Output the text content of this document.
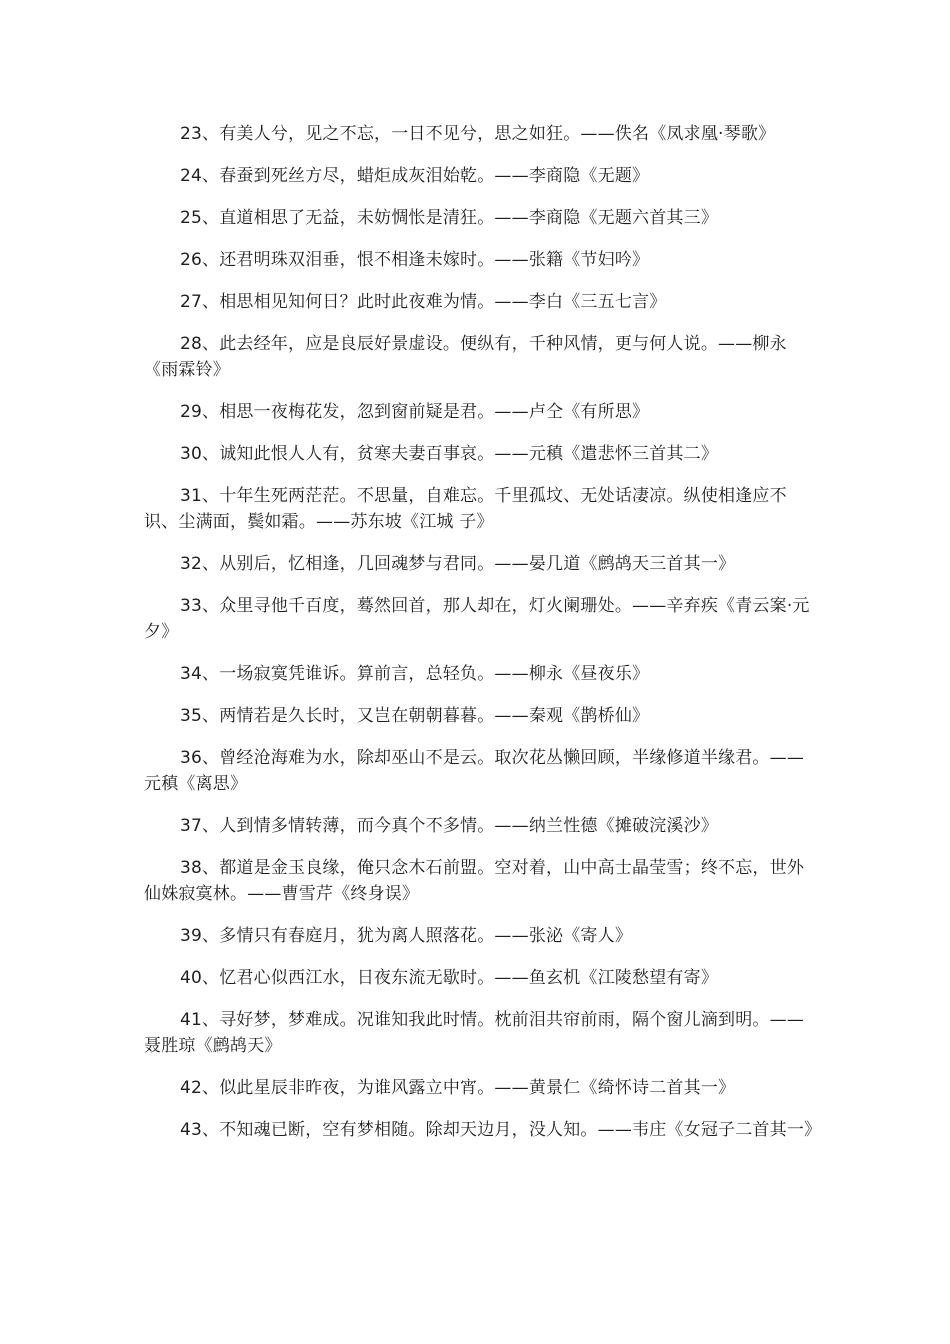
23、有美人兮，见之不忘，一日不见兮，思之如狂。——佚名《凤求凰·琴歌》

24、春蚕到死丝方尽，蜡炬成灰泪始乾。——李商隐《无题》

25、直道相思了无益，未妨惆怅是清狂。——李商隐《无题六首其三》

26、还君明珠双泪垂，恨不相逢未嫁时。——张籍《节妇吟》

27、相思相见知何日？此时此夜难为情。——李白《三五七言》

28、此去经年，应是良辰好景虚设。便纵有，千种风情，更与何人说。——柳永《雨霖铃》

29、相思一夜梅花发，忽到窗前疑是君。——卢仝《有所思》

30、诚知此恨人人有，贫寒夫妻百事哀。——元稹《遣悲怀三首其二》

31、十年生死两茫茫。不思量，自难忘。千里孤坟、无处话凄凉。纵使相逢应不识、尘满面，鬓如霜。——苏东坡《江城 子》

32、从别后，忆相逢，几回魂梦与君同。——晏几道《鹧鸪天三首其一》

33、众里寻他千百度，蓦然回首，那人却在，灯火阑珊处。——辛弃疾《青云案·元夕》

34、一场寂寞凭谁诉。算前言，总轻负。——柳永《昼夜乐》

35、两情若是久长时，又岂在朝朝暮暮。——秦观《鹊桥仙》

36、曾经沧海难为水，除却巫山不是云。取次花丛懒回顾，半缘修道半缘君。——元稹《离思》

37、人到情多情转薄，而今真个不多情。——纳兰性德《摊破浣溪沙》

38、都道是金玉良缘，俺只念木石前盟。空对着，山中高士晶莹雪；终不忘，世外仙姝寂寞林。——曹雪芹《终身误》

39、多情只有春庭月，犹为离人照落花。——张泌《寄人》

40、忆君心似西江水，日夜东流无歇时。——鱼玄机《江陵愁望有寄》

41、寻好梦，梦难成。况谁知我此时情。枕前泪共帘前雨，隔个窗儿滴到明。——聂胜琼《鹧鸪天》

42、似此星辰非昨夜，为谁风露立中宵。——黄景仁《绮怀诗二首其一》

43、不知魂已断，空有梦相随。除却天边月，没人知。——韦庄《女冠子二首其一》
